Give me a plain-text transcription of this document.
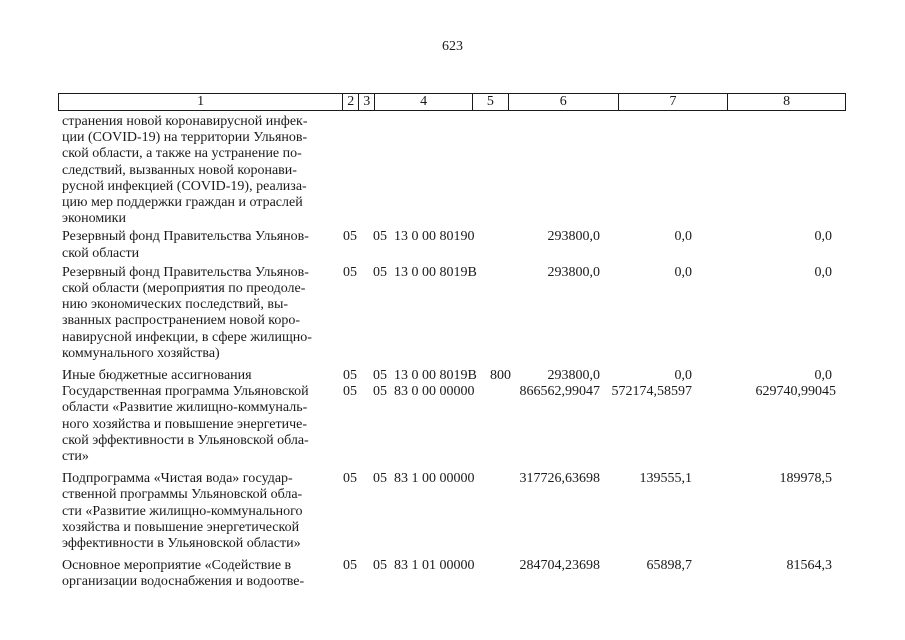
623
1	2 3	4	5	6	7	8
странения новой коронавирусной инфек-
ции (COVID-19) на территории Ульянов-
ской области, а также на устранение по-
следствий, вызванных новой коронави-
русной инфекцией (COVID-19), реализа-
цию мер поддержки граждан и отраслей
экономики
Резервный фонд Правительства Ульянов-
ской области
05 05 13 0 00 80190	293800,0	0,0	0,0
Резервный фонд Правительства Ульянов-
ской области (мероприятия по преодоле-
нию экономических последствий, вы-
званных распространением новой коро-
навирусной инфекции, в сфере жилищно-
коммунального хозяйства)
05 05 13 0 00 8019В	293800,0	0,0	0,0
Иные бюджетные ассигнования	05 05 13 0 00 8019В 800	293800,0	0,0	0,0
Государственная программа Ульяновской
области «Развитие жилищно-коммуналь-
ного хозяйства и повышение энергетиче-
ской эффективности в Ульяновской обла-
сти»
05 05 83 0 00 00000	866562,99047 572174,58597	629740,99045
Подпрограмма «Чистая вода» государ-
ственной программы Ульяновской обла-
сти «Развитие жилищно-коммунального
хозяйства и повышение энергетической
эффективности в Ульяновской области»
05 05 83 1 00 00000	317726,63698	139555,1	189978,5
Основное мероприятие «Содействие в
организации водоснабжения и водоотве-
05 05 83 1 01 00000	284704,23698	65898,7	81564,3
